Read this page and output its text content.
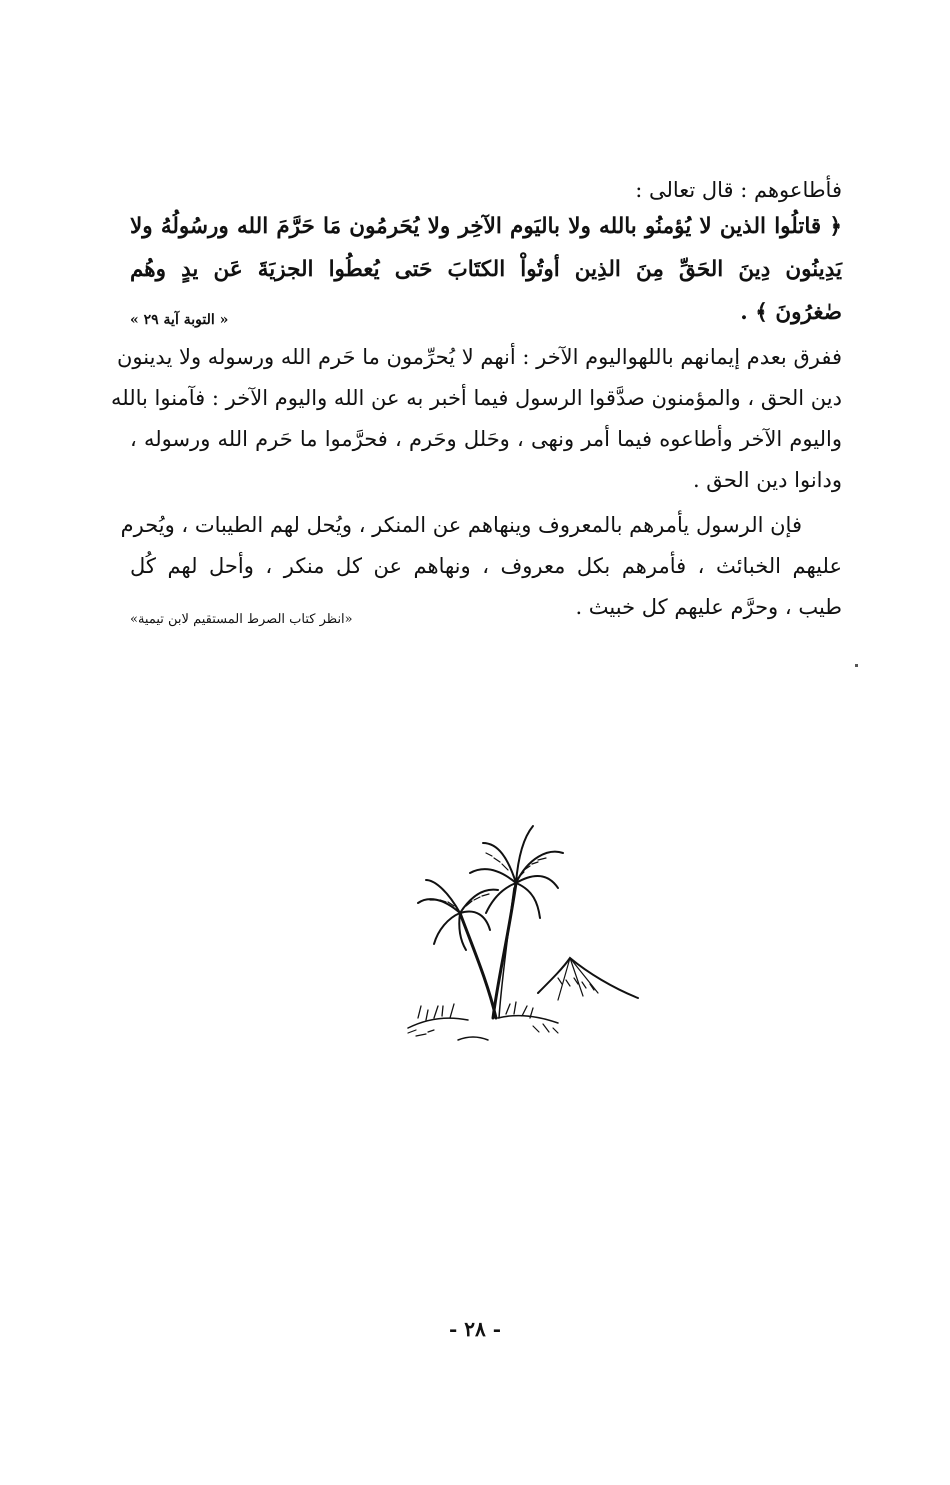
فأطاعوهم : قال تعالى :
﴿ قاتلُوا الذين لا يُؤمنُو بالله ولا باليَوم الآخِر ولا يُحَرمُون مَا حَرَّمَ الله ورسُولُهُ ولا
يَدِينُون دِينَ الحَقِّ مِنَ الذِين أوتُواْ الكتَابَ حَتى يُعطُوا الجزيَةَ عَن يدٍ وهُم
صٰغرُونَ ﴾ .
« التوبة آية ٢٩ »
ففرق بعدم إيمانهم باللهواليوم الآخر : أنهم لا يُحرِّمون ما حَرم الله ورسوله ولا يدينون
دين الحق ، والمؤمنون صدَّقوا الرسول فيما أخبر به عن الله واليوم الآخر : فآمنوا بالله
واليوم الآخر وأطاعوه فيما أمر ونهى ، وحَلل وحَرم ، فحرَّموا ما حَرم الله ورسوله ،
ودانوا دين الحق .
فإن الرسول يأمرهم بالمعروف وينهاهم عن المنكر ، ويُحل لهم الطيبات ، ويُحرم
عليهم الخبائث ، فأمرهم بكل معروف ، ونهاهم عن كل منكر ، وأحل لهم كُل
طيب ، وحرَّم عليهم كل خبيث .
«انظر كتاب الصرط المستقيم لابن تيمية»
- ٢٨ -
